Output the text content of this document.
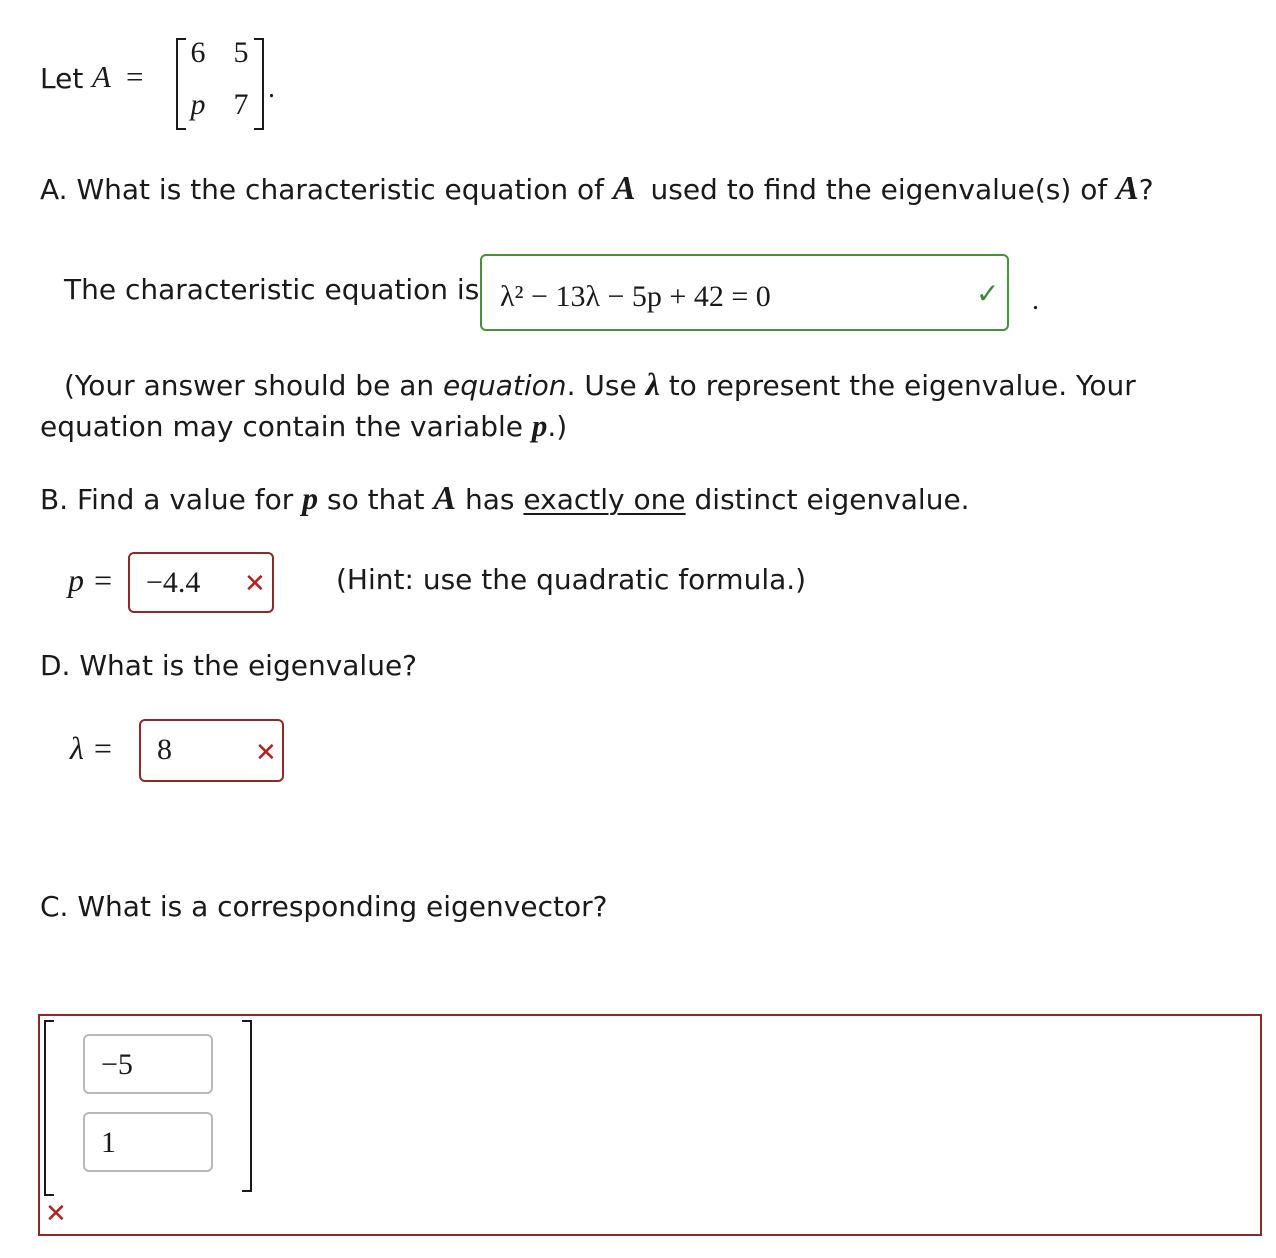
Let A =
6 5
p 7 .
A. What is the characteristic equation of A used to find the eigenvalue(s) of A?
The characteristic equation is λ² − 13λ − 5p + 42 = 0	✓ .
(Your answer should be an equation. Use λ to represent the eigenvalue. Your
equation may contain the variable p.)
B. Find a value for p so that A has exactly one distinct eigenvalue.
p = −4.4 ✕	(Hint: use the quadratic formula.)
D. What is the eigenvalue?
λ = 8	✕
C. What is a corresponding eigenvector?
−5
1
✕
